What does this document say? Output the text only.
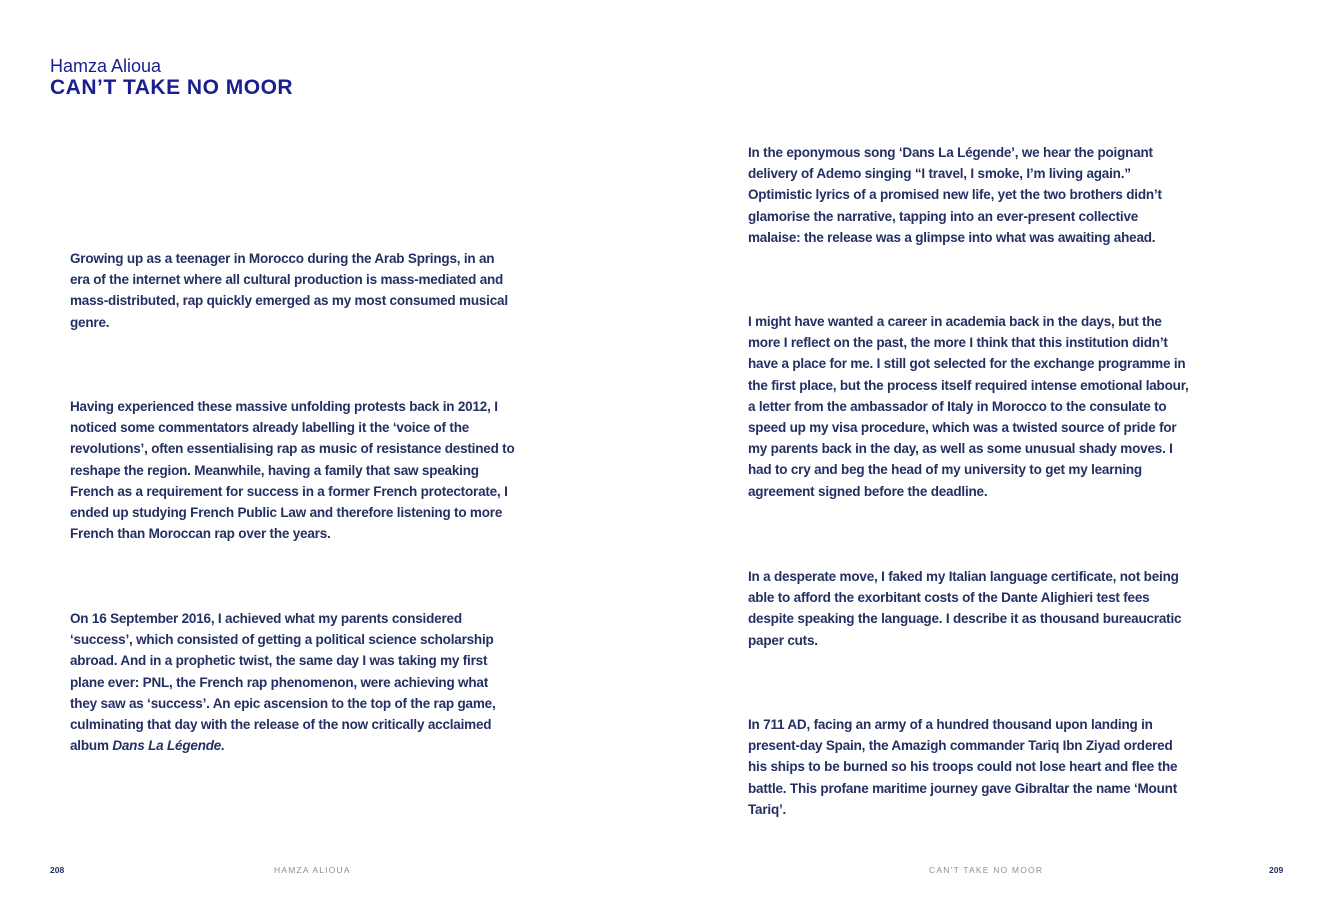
Hamza Alioua
CAN’T TAKE NO MOOR

Growing up as a teenager in Morocco during the Arab Springs, in an era of the internet where all cultural production is mass-mediated and mass-distributed, rap quickly emerged as my most consumed musical genre.

Having experienced these massive unfolding protests back in 2012, I noticed some commentators already labelling it the ‘voice of the revolutions’, often essentialising rap as music of resistance destined to reshape the region. Meanwhile, having a family that saw speaking French as a requirement for success in a former French protectorate, I ended up studying French Public Law and therefore listening to more French than Moroccan rap over the years.

On 16 September 2016, I achieved what my parents considered ‘success’, which consisted of getting a political science scholarship abroad. And in a prophetic twist, the same day I was taking my first plane ever: PNL, the French rap phenomenon, were achieving what they saw as ‘success’. An epic ascension to the top of the rap game, culminating that day with the release of the now critically acclaimed album Dans La Légende.

208	HAMZA ALIOUA

In the eponymous song ‘Dans La Légende’, we hear the poignant delivery of Ademo singing “I travel, I smoke, I’m living again.” Optimistic lyrics of a promised new life, yet the two brothers didn’t glamorise the narrative, tapping into an ever-present collective malaise: the release was a glimpse into what was awaiting ahead.

I might have wanted a career in academia back in the days, but the more I reflect on the past, the more I think that this institution didn’t have a place for me. I still got selected for the exchange programme in the first place, but the process itself required intense emotional labour, a letter from the ambassador of Italy in Morocco to the consulate to speed up my visa procedure, which was a twisted source of pride for my parents back in the day, as well as some unusual shady moves. I had to cry and beg the head of my university to get my learning agreement signed before the deadline.

In a desperate move, I faked my Italian language certificate, not being able to afford the exorbitant costs of the Dante Alighieri test fees despite speaking the language. I describe it as thousand bureaucratic paper cuts.

In 711 AD, facing an army of a hundred thousand upon landing in present-day Spain, the Amazigh commander Tariq Ibn Ziyad ordered his ships to be burned so his troops could not lose heart and flee the battle. This profane maritime journey gave Gibraltar the name ‘Mount Tariq’.

CAN’T TAKE NO MOOR	209
